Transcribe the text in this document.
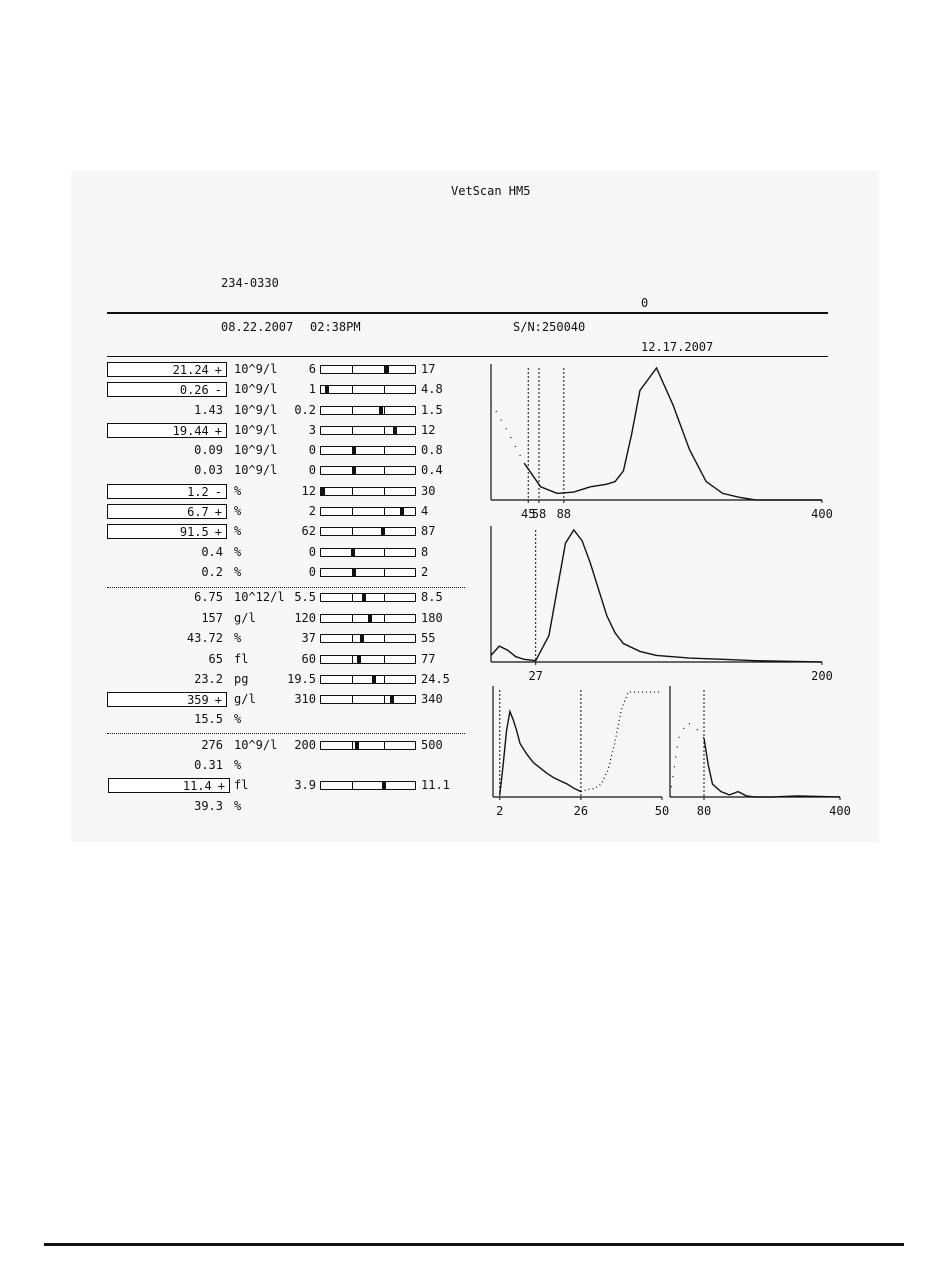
VetScan HM5
234-0330
0
08.22.2007 02:38PM	S/N:250040
12.17.2007
21.24 +	10^9/l	6	17
0.26 -	10^9/l	1	4.8
1.43 10^9/l	0.2	1.5
19.44 +	10^9/l	3	12
0.09 10^9/l	0	0.8
0.03 10^9/l	0	0.4
1.2 -	%	12	30
6.7 +	%	2	4
91.5 +	%	62	87
0.4 %	0	8
0.2 %	0	2
6.75 10^12/l 5.5	8.5
157 g/l	120	180
43.72 %	37	55
65 fl	60	77
23.2 pg	19.5	24.5
359 +	g/l	310	340
15.5 %
276 10^9/l	200	500
0.31 %
11.4 + fl	3.9	11.1
39.3 %
45
58 88	400
27	200
2	26	50 80	400
